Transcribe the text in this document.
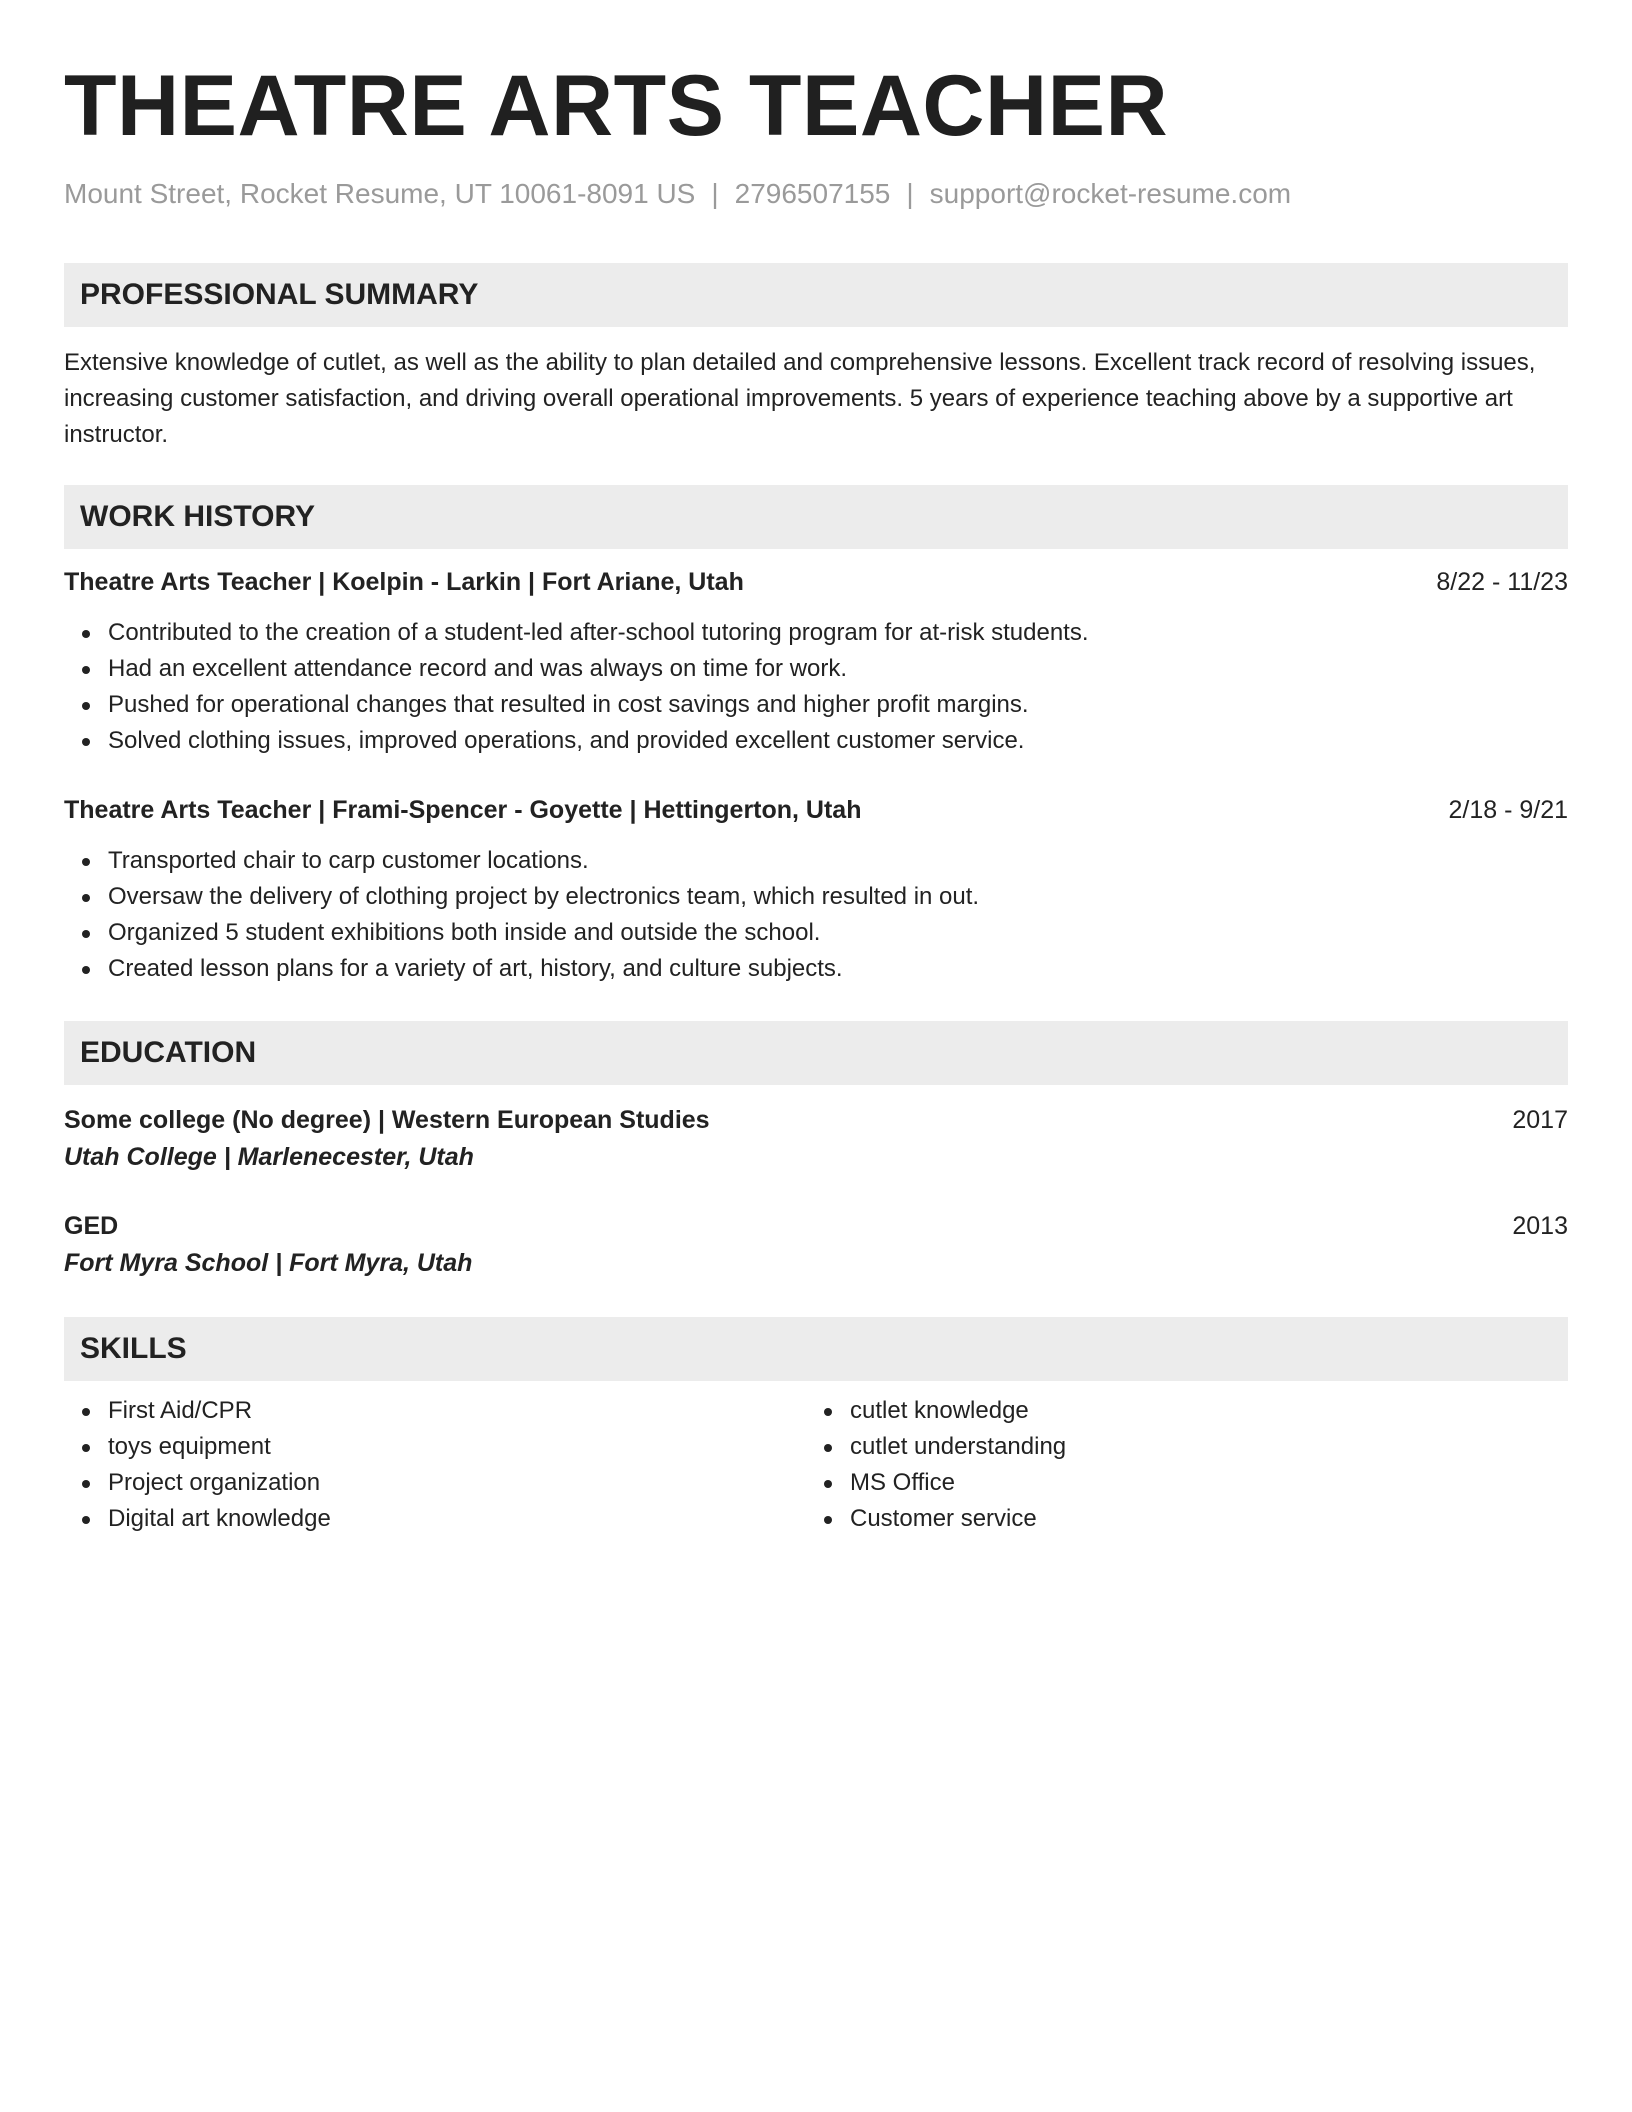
THEATRE ARTS TEACHER
Mount Street, Rocket Resume, UT 10061-8091 US | 2796507155 | support@rocket-resume.com
PROFESSIONAL SUMMARY

Extensive knowledge of cutlet, as well as the ability to plan detailed and comprehensive lessons. Excellent track record of resolving issues, increasing customer satisfaction, and driving overall operational improvements. 5 years of experience teaching above by a supportive art instructor.

WORK HISTORY
Theatre Arts Teacher | Koelpin - Larkin | Fort Ariane, Utah	8/22 - 11/23
Contributed to the creation of a student-led after-school tutoring program for at-risk students.
Had an excellent attendance record and was always on time for work.
Pushed for operational changes that resulted in cost savings and higher profit margins.
Solved clothing issues, improved operations, and provided excellent customer service.
Theatre Arts Teacher | Frami-Spencer - Goyette | Hettingerton, Utah	2/18 - 9/21
Transported chair to carp customer locations.
Oversaw the delivery of clothing project by electronics team, which resulted in out.
Organized 5 student exhibitions both inside and outside the school.
Created lesson plans for a variety of art, history, and culture subjects.
EDUCATION
Some college (No degree) | Western European Studies	2017
Utah College | Marlenecester, Utah
GED	2013
Fort Myra School | Fort Myra, Utah
SKILLS
First Aid/CPR
toys equipment
Project organization
Digital art knowledge
cutlet knowledge
cutlet understanding
MS Office
Customer service
